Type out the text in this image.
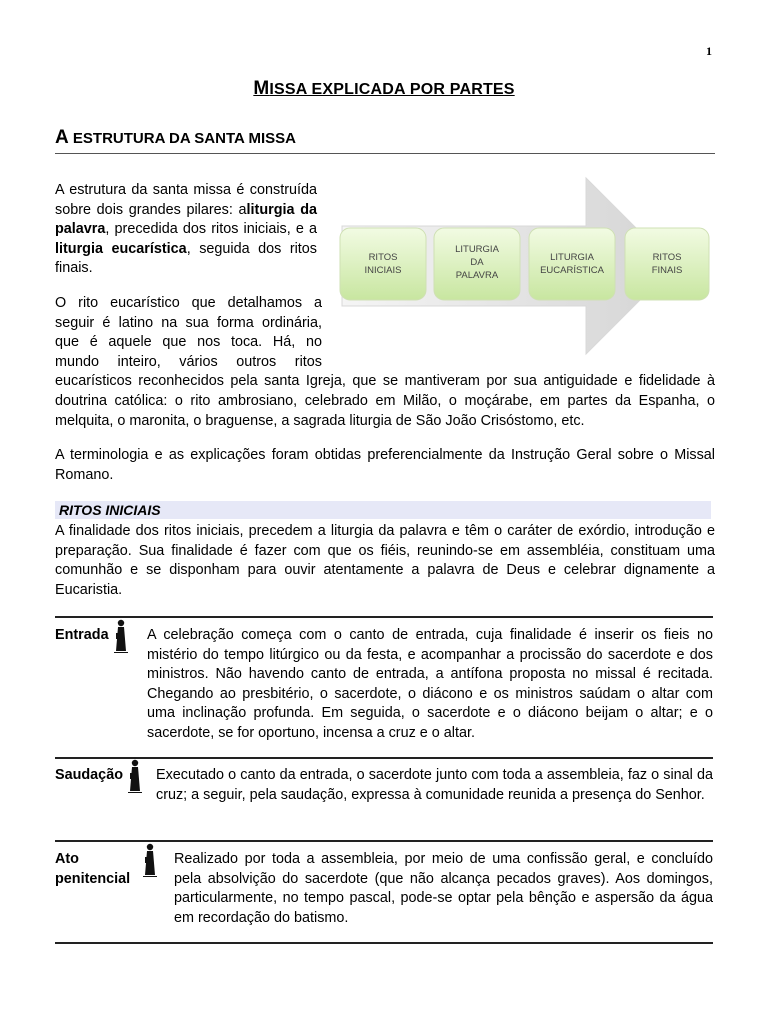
1
MISSA EXPLICADA POR PARTES
A ESTRUTURA DA SANTA MISSA
A estrutura da santa missa é construída sobre dois grandes pilares: aliturgia da palavra, precedida dos ritos iniciais, e a liturgia eucarística, seguida dos ritos finais.
RITOS
INICIAIS
LITURGIA
DA
PALAVRA
LITURGIA
EUCARÍSTICA
RITOS
FINAIS
O rito eucarístico que detalhamos a seguir é latino na sua forma ordinária, que é aquele que nos toca. Há, no mundo inteiro, vários outros ritos eucarísticos reconhecidos pela santa Igreja, que se mantiveram por sua antiguidade e fidelidade à doutrina católica: o rito ambrosiano, celebrado em Milão, o moçárabe, em partes da Espanha, o melquita, o maronita, o braguense, a sagrada liturgia de São João Crisóstomo, etc.
A terminologia e as explicações foram obtidas preferencialmente da Instrução Geral sobre o Missal Romano.
RITOS INICIAIS
A finalidade dos ritos iniciais, precedem a liturgia da palavra e têm o caráter de exórdio, introdução e preparação. Sua finalidade é fazer com que os fiéis, reunindo-se em assembléia, constituam uma comunhão e se disponham para ouvir atentamente a palavra de Deus e celebrar dignamente a Eucaristia.
Entrada	A celebração começa com o canto de entrada, cuja finalidade é inserir os fieis no mistério do tempo litúrgico ou da festa, e acompanhar a procissão do sacerdote e dos ministros. Não havendo canto de entrada, a antífona proposta no missal é recitada. Chegando ao presbitério, o sacerdote, o diácono e os ministros saúdam o altar com uma inclinação profunda. Em seguida, o sacerdote e o diácono beijam o altar; e o sacerdote, se for oportuno, incensa a cruz e o altar.
Saudação Executado o canto da entrada, o sacerdote junto com toda a assembleia, faz o sinal da cruz; a seguir, pela saudação, expressa à comunidade reunida a presença do Senhor.
Ato
penitencial
Realizado por toda a assembleia, por meio de uma confissão geral, e concluído pela absolvição do sacerdote (que não alcança pecados graves). Aos domingos, particularmente, no tempo pascal, pode-se optar pela bênção e aspersão da água em recordação do batismo.
